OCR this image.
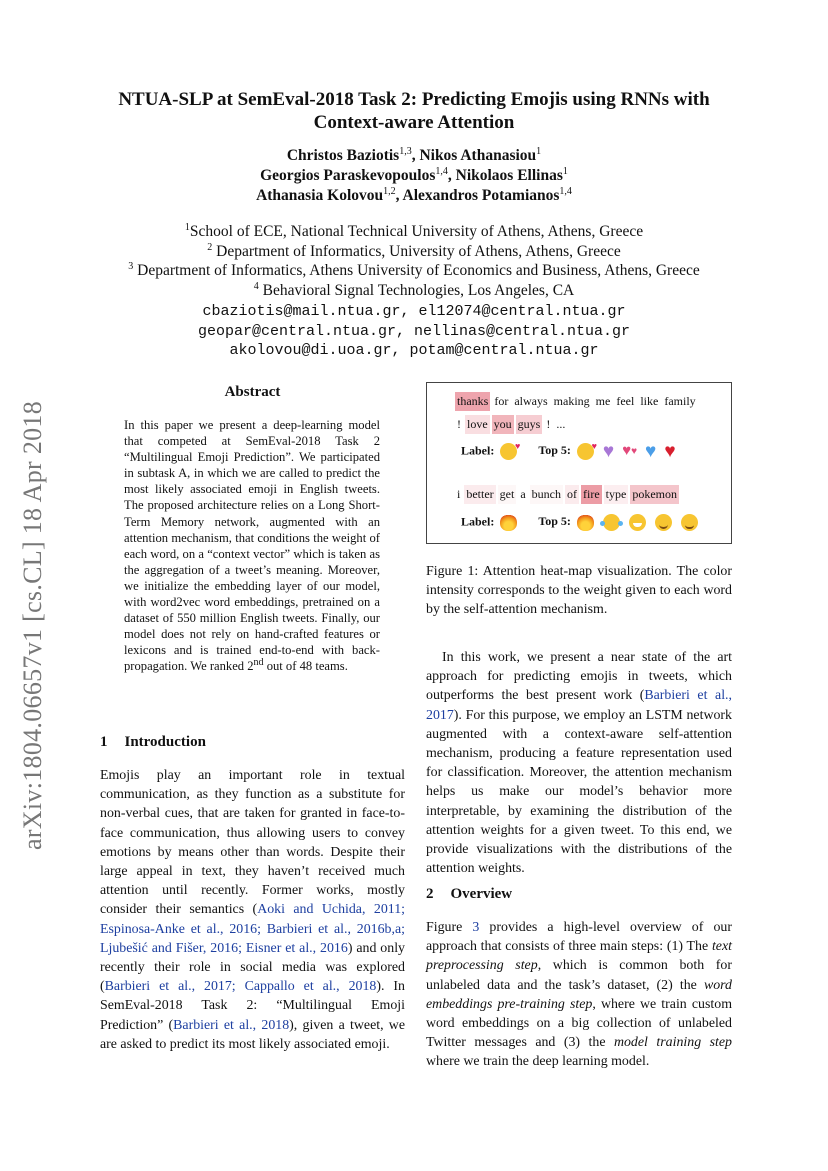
NTUA-SLP at SemEval-2018 Task 2: Predicting Emojis using RNNs with
Context-aware Attention
Christos Baziotis$^{1,3}$, Nikos Athanasiou$^1$
Georgios Paraskevopoulos$^{1,4}$, Nikolaos Ellinas$^1$
Athanasia Kolovou$^{1,2}$, Alexandros Potamianos$^{1,4}$
$^1$School of ECE, National Technical University of Athens, Athens, Greece
$^2$ Department of Informatics, University of Athens, Athens, Greece
$^3$ Department of Informatics, Athens University of Economics and Business, Athens, Greece
$^4$ Behavioral Signal Technologies, Los Angeles, CA
cbaziotis@mail.ntua.gr, el12074@central.ntua.gr
geopar@central.ntua.gr, nellinas@central.ntua.gr
akolovou@di.uoa.gr, potam@central.ntua.gr
arXiv:1804.06657v1 [cs.CL] 18 Apr 2018
Abstract
In this paper we present a deep-learning model that competed at SemEval-2018 Task 2 “Multilingual Emoji Prediction”. We participated in subtask A, in which we are called to predict the most likely associated emoji in English tweets. The proposed architecture relies on a Long Short-Term Memory network, augmented with an attention mechanism, that conditions the weight of each word, on a “context vector” which is taken as the aggregation of a tweet’s meaning. Moreover, we initialize the embedding layer of our model, with word2vec word embeddings, pretrained on a dataset of 550 million English tweets. Finally, our model does not rely on hand-crafted features or lexicons and is trained end-to-end with back-propagation. We ranked 2nd out of 48 teams.
1 Introduction
Emojis play an important role in textual communication, as they function as a substitute for non-verbal cues, that are taken for granted in face-to-face communication, thus allowing users to convey emotions by means other than words. Despite their large appeal in text, they haven’t received much attention until recently. Former works, mostly consider their semantics (Aoki and Uchida, 2011; Espinosa-Anke et al., 2016; Barbieri et al., 2016b,a; Ljubešić and Fišer, 2016; Eisner et al., 2016) and only recently their role in social media was explored (Barbieri et al., 2017; Cappallo et al., 2018). In SemEval-2018 Task 2: “Multilingual Emoji Prediction” (Barbieri et al., 2018), given a tweet, we are asked to predict its most likely associated emoji.
thanks for always making me feel like family
! love you guys ! ...
Label: ♥ Top 5: ♥ ♥ ♥♥ ♥ ♥
i better get a bunch of fire type pokemon
Label:	Top 5:

Figure 1: Attention heat-map visualization. The color intensity corresponds to the weight given to each word by the self-attention mechanism.
In this work, we present a near state of the art approach for predicting emojis in tweets, which outperforms the best present work (Barbieri et al., 2017). For this purpose, we employ an LSTM network augmented with a context-aware self-attention mechanism, producing a feature representation used for classification. Moreover, the attention mechanism helps us make our model’s behavior more interpretable, by examining the distribution of the attention weights for a given tweet. To this end, we provide visualizations with the distributions of the attention weights.
2 Overview
Figure 3 provides a high-level overview of our approach that consists of three main steps: (1) The text preprocessing step, which is common both for unlabeled data and the task’s dataset, (2) the word embeddings pre-training step, where we train custom word embeddings on a big collection of unlabeled Twitter messages and (3) the model training step where we train the deep learning model.
